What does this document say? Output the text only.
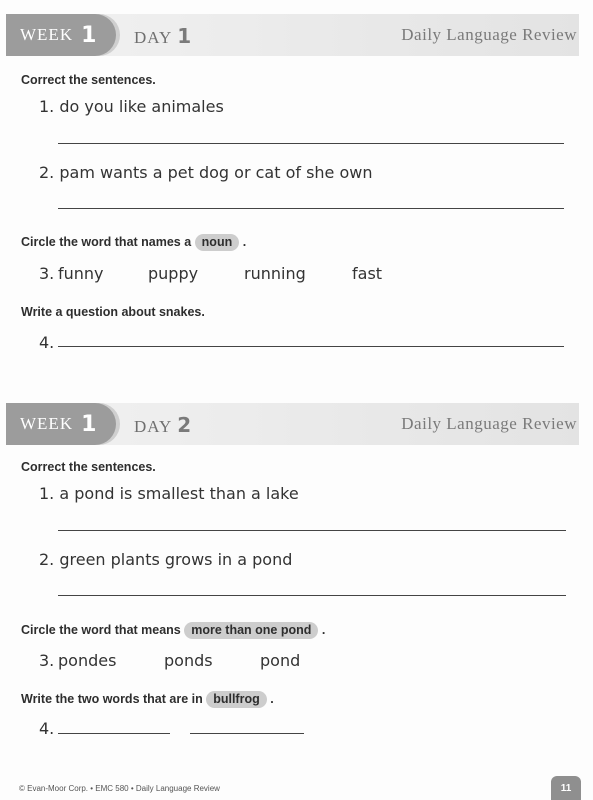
WEEK 1 DAY 1	Daily Language Review
Correct the sentences.
1. do you like animales
2. pam wants a pet dog or cat of she own
Circle the word that names a noun .
3. funny	puppy	running	fast
Write a question about snakes.
4.
WEEK 1 DAY 2	Daily Language Review
Correct the sentences.
1. a pond is smallest than a lake
2. green plants grows in a pond
Circle the word that means more than one pond .
3. pondes	ponds	pond
Write the two words that are in bullfrog .
4.
© Evan-Moor Corp. • EMC 580 • Daily Language Review	11
